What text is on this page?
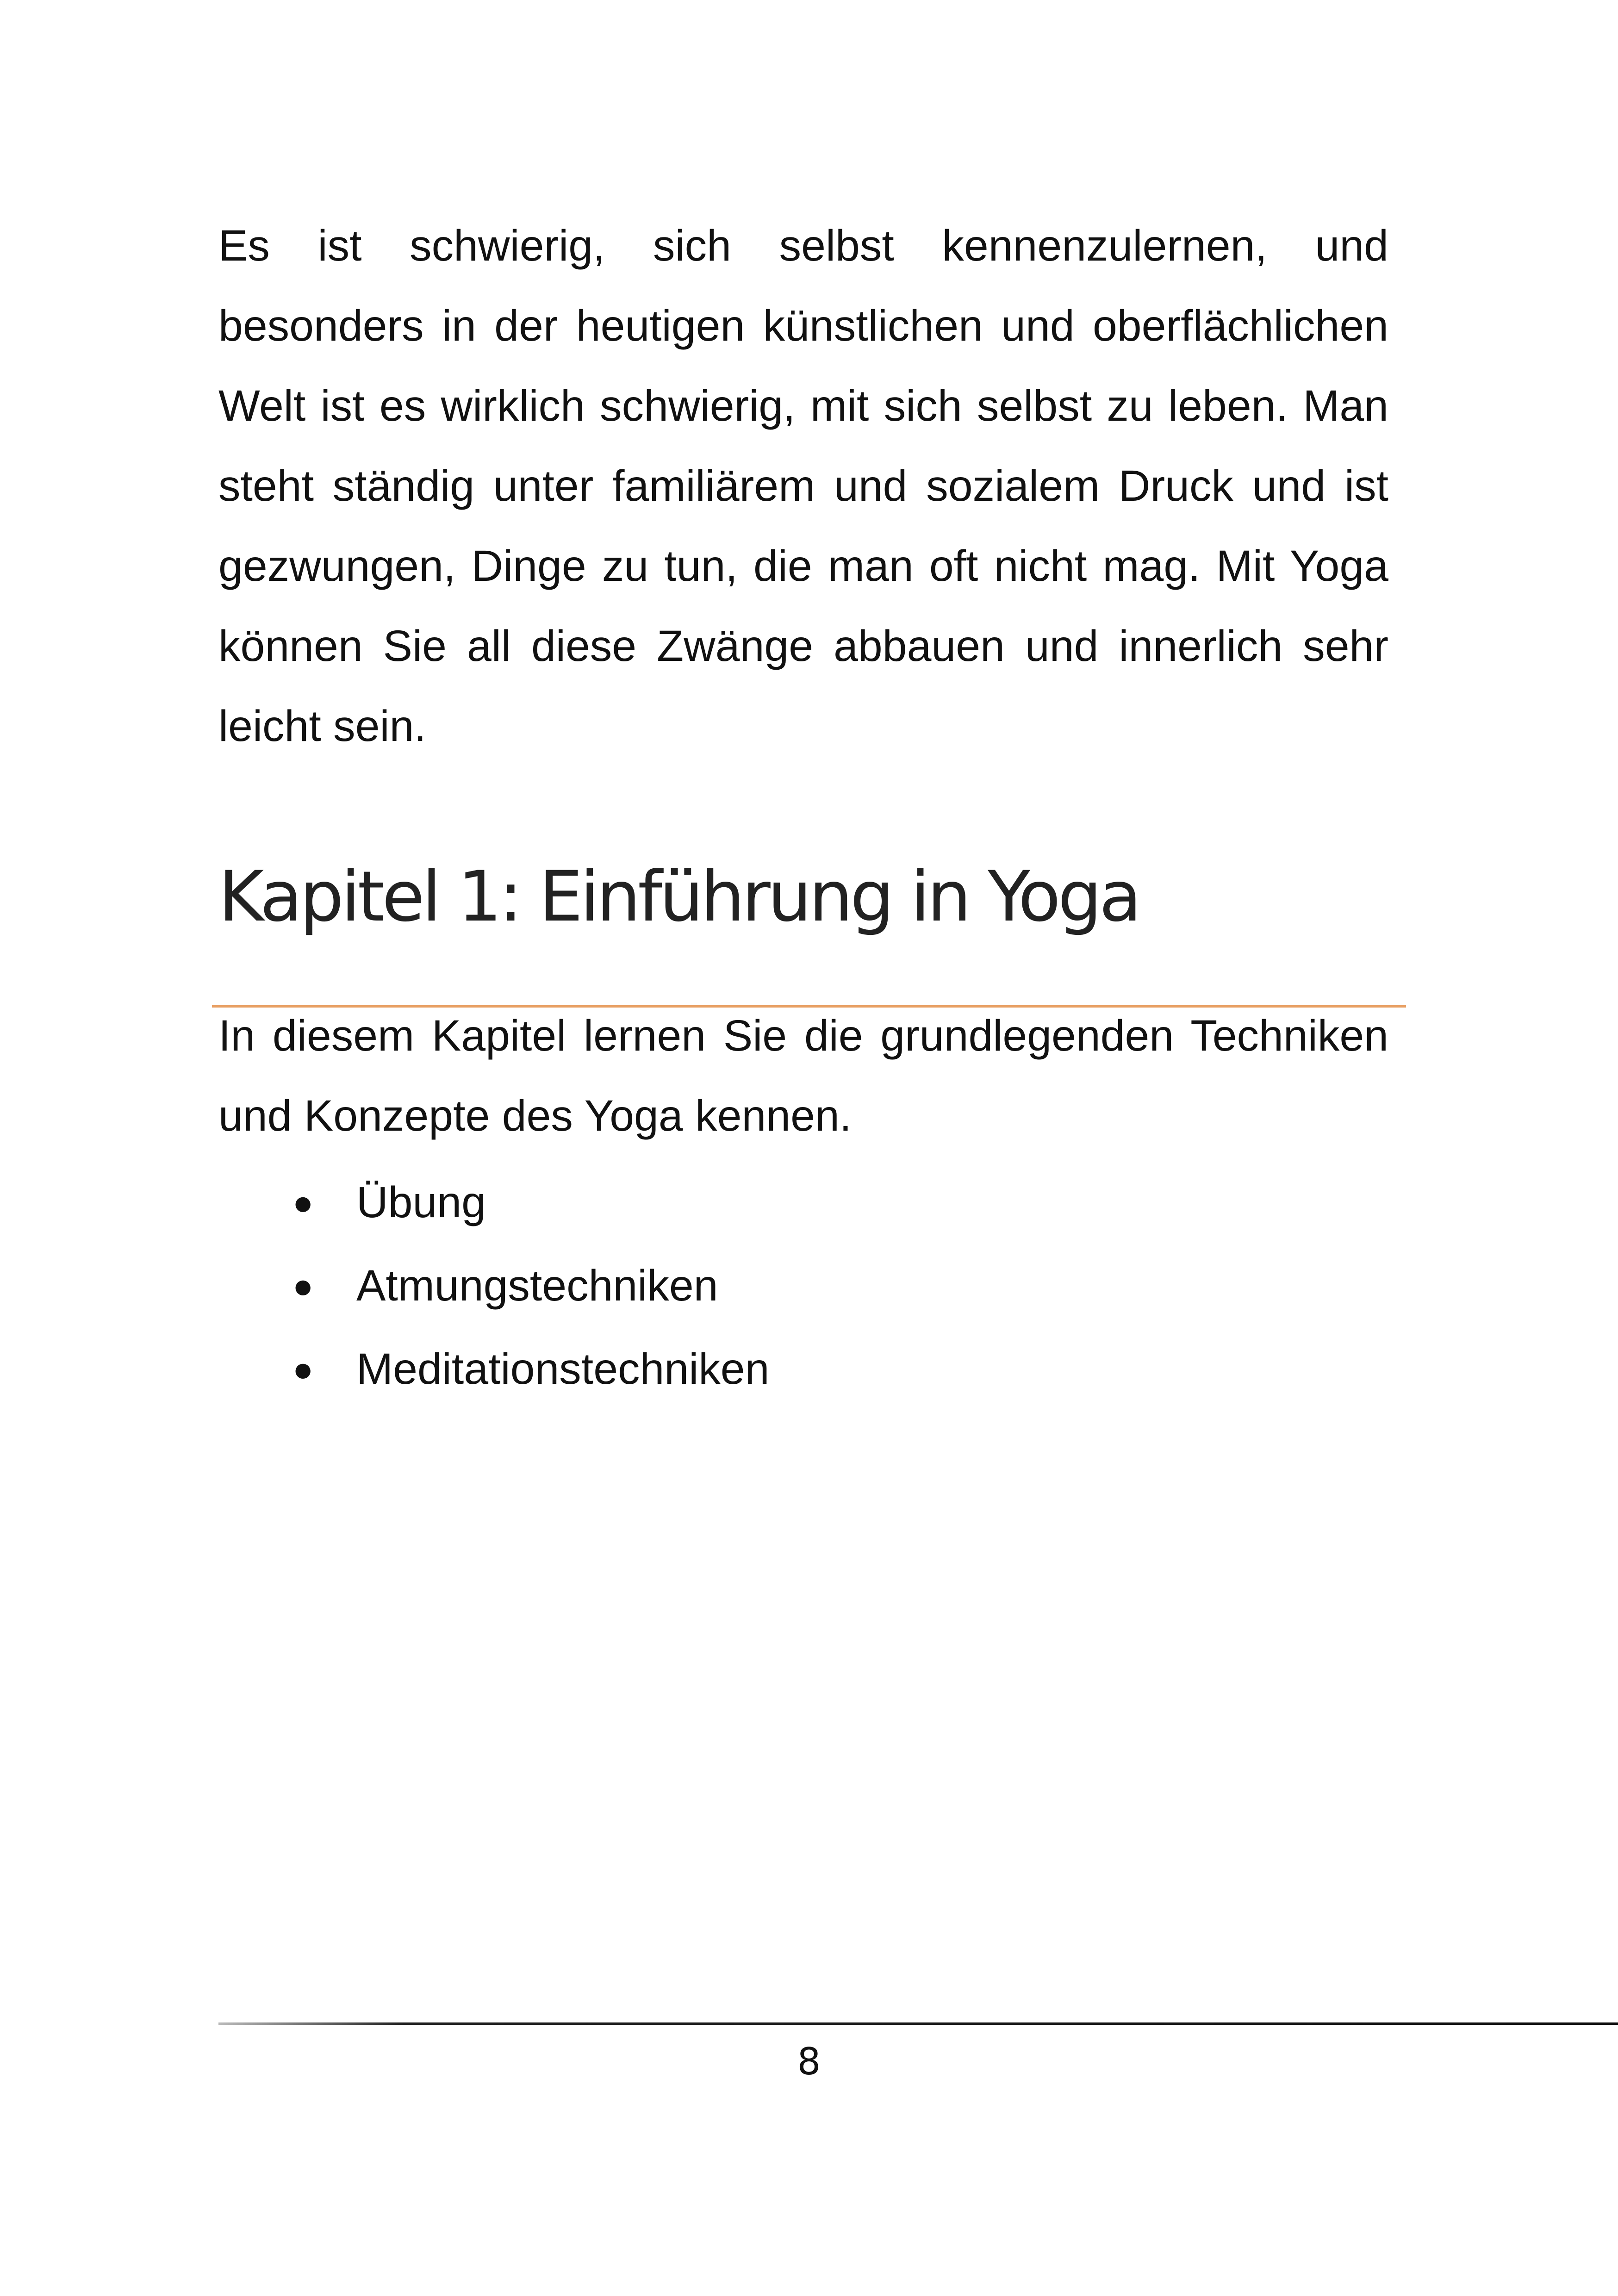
Es ist schwierig, sich selbst kennenzulernen, und besonders in der heutigen künstlichen und oberflächlichen Welt ist es wirklich schwierig, mit sich selbst zu leben. Man steht ständig unter familiärem und sozialem Druck und ist gezwungen, Dinge zu tun, die man oft nicht mag. Mit Yoga können Sie all diese Zwänge abbauen und innerlich sehr leicht sein.

Kapitel 1: Einführung in Yoga

In diesem Kapitel lernen Sie die grundlegenden Techniken und Konzepte des Yoga kennen.

● Übung
● Atmungstechniken
● Meditationstechniken
8
